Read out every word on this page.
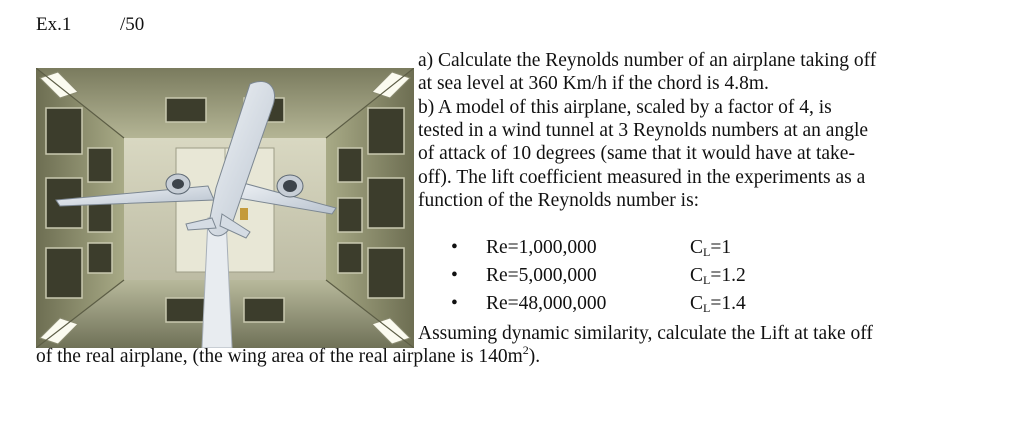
Ex.1	/50
a) Calculate the Reynolds number of an airplane taking off
at sea level at 360 Km/h if the chord is 4.8m.
b) A model of this airplane, scaled by a factor of 4, is
tested in a wind tunnel at 3 Reynolds numbers at an angle
of attack of 10 degrees (same that it would have at take-
off). The lift coefficient measured in the experiments as a
function of the Reynolds number is:
• Re=1,000,000	$C_L=1$
• Re=5,000,000	$C_L=1.2$
• Re=48,000,000	$C_L=1.4$
Assuming dynamic similarity, calculate the Lift at take off
of the real airplane, (the wing area of the real airplane is $140m^2$).
